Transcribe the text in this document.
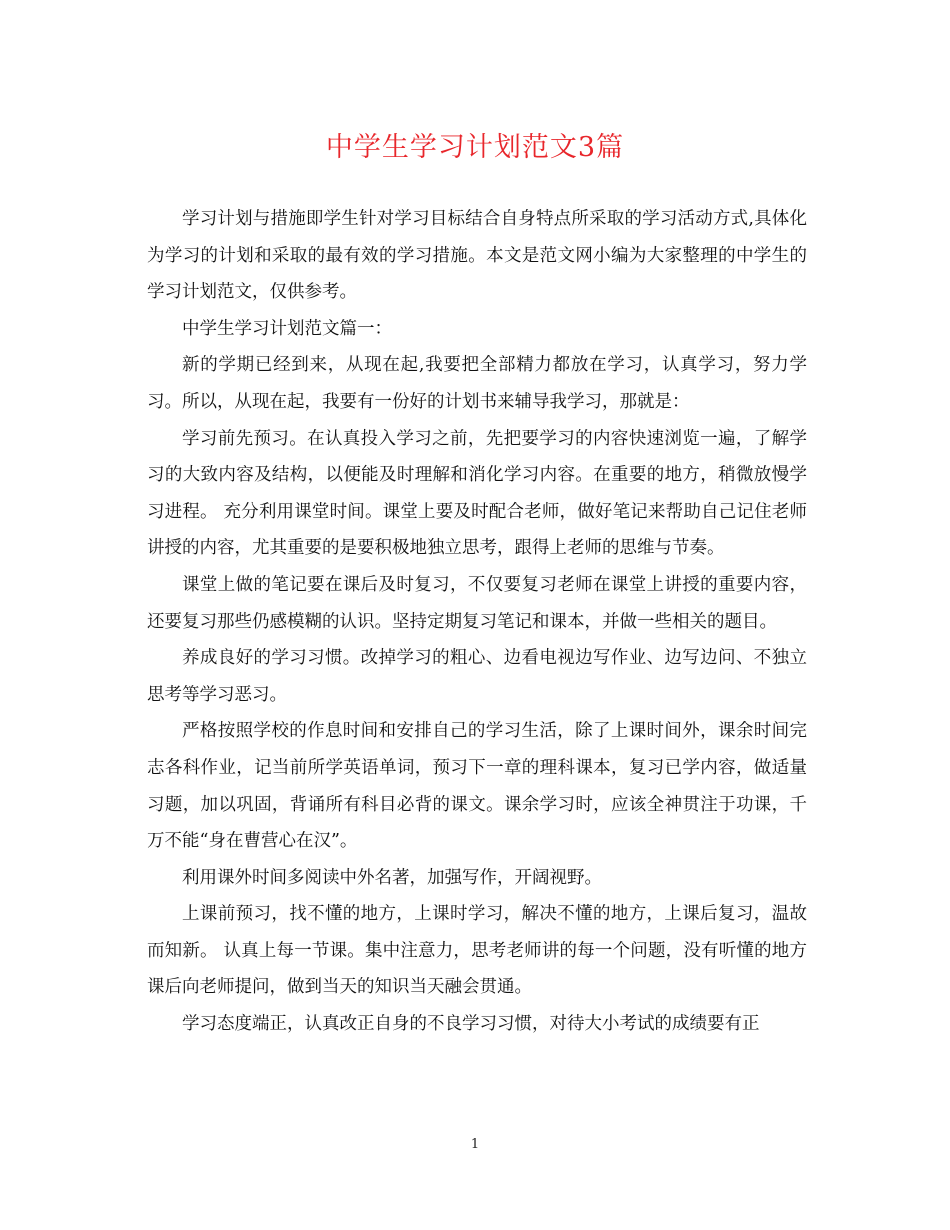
中学生学习计划范文3篇

学习计划与措施即学生针对学习目标结合自身特点所采取的学习活动方式,具体化为学习的计划和采取的最有效的学习措施。本文是范文网小编为大家整理的中学生的学习计划范文，仅供参考。

中学生学习计划范文篇一：

新的学期已经到来，从现在起,我要把全部精力都放在学习，认真学习，努力学习。所以，从现在起，我要有一份好的计划书来辅导我学习，那就是：

学习前先预习。在认真投入学习之前，先把要学习的内容快速浏览一遍，了解学习的大致内容及结构，以便能及时理解和消化学习内容。在重要的地方，稍微放慢学习进程。 充分利用课堂时间。课堂上要及时配合老师，做好笔记来帮助自己记住老师讲授的内容，尤其重要的是要积极地独立思考，跟得上老师的思维与节奏。

课堂上做的笔记要在课后及时复习，不仅要复习老师在课堂上讲授的重要内容，还要复习那些仍感模糊的认识。坚持定期复习笔记和课本，并做一些相关的题目。

养成良好的学习习惯。改掉学习的粗心、边看电视边写作业、边写边问、不独立思考等学习恶习。

严格按照学校的作息时间和安排自己的学习生活，除了上课时间外，课余时间完志各科作业，记当前所学英语单词，预习下一章的理科课本，复习已学内容，做适量习题，加以巩固，背诵所有科目必背的课文。课余学习时，应该全神贯注于功课，千万不能“身在曹营心在汉”。

利用课外时间多阅读中外名著，加强写作，开阔视野。

上课前预习，找不懂的地方，上课时学习，解决不懂的地方，上课后复习，温故而知新。 认真上每一节课。集中注意力，思考老师讲的每一个问题，没有听懂的地方课后向老师提问，做到当天的知识当天融会贯通。

学习态度端正，认真改正自身的不良学习习惯，对待大小考试的成绩要有正

1
